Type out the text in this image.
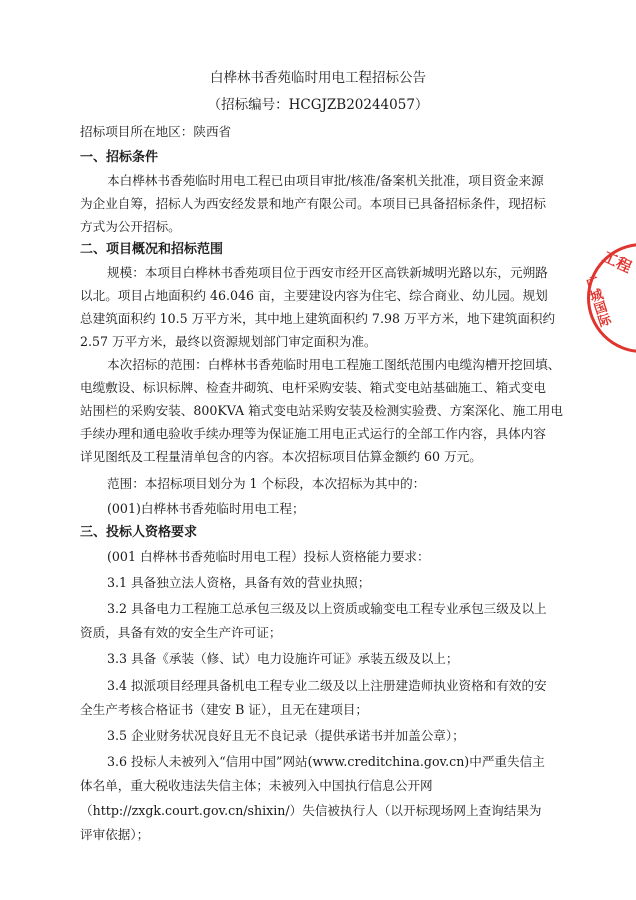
白桦林书香苑临时用电工程招标公告
（招标编号：HCGJZB20244057）
招标项目所在地区：陕西省
一、招标条件
本白桦林书香苑临时用电工程已由项目审批/核准/备案机关批准，项目资金来源
为企业自筹，招标人为西安经发景和地产有限公司。本项目已具备招标条件，现招标
方式为公开招标。
二、项目概况和招标范围
规模：本项目白桦林书香苑项目位于西安市经开区高铁新城明光路以东，元朔路
以北。项目占地面积约 46.046 亩，主要建设内容为住宅、综合商业、幼儿园。规划
总建筑面积约 10.5 万平方米，其中地上建筑面积约 7.98 万平方米，地下建筑面积约
2.57 万平方米，最终以资源规划部门审定面积为准。
本次招标的范围：白桦林书香苑临时用电工程施工图纸范围内电缆沟槽开挖回填、
电缆敷设、标识标牌、检查井砌筑、电杆采购安装、箱式变电站基础施工、箱式变电
站围栏的采购安装、800KVA 箱式变电站采购安装及检测实验费、方案深化、施工用电
手续办理和通电验收手续办理等为保证施工用电正式运行的全部工作内容，具体内容
详见图纸及工程量清单包含的内容。本次招标项目估算金额约 60 万元。
范围：本招标项目划分为 1 个标段，本次招标为其中的：
(001)白桦林书香苑临时用电工程；
三、投标人资格要求
(001 白桦林书香苑临时用电工程）投标人资格能力要求：
3.1 具备独立法人资格，具备有效的营业执照；
3.2 具备电力工程施工总承包三级及以上资质或输变电工程专业承包三级及以上
资质，具备有效的安全生产许可证；
3.3 具备《承装（修、试）电力设施许可证》承装五级及以上；
3.4 拟派项目经理具备机电工程专业二级及以上注册建造师执业资格和有效的安
全生产考核合格证书（建安 B 证），且无在建项目；
3.5 企业财务状况良好且无不良记录（提供承诺书并加盖公章）；
3.6 投标人未被列入“信用中国”网站(www.creditchina.gov.cn)中严重失信主
体名单，重大税收违法失信主体；未被列入中国执行信息公开网
（http://zxgk.court.gov.cn/shixin/）失信被执行人（以开标现场网上查询结果为
评审依据）；
工程
广城国际
